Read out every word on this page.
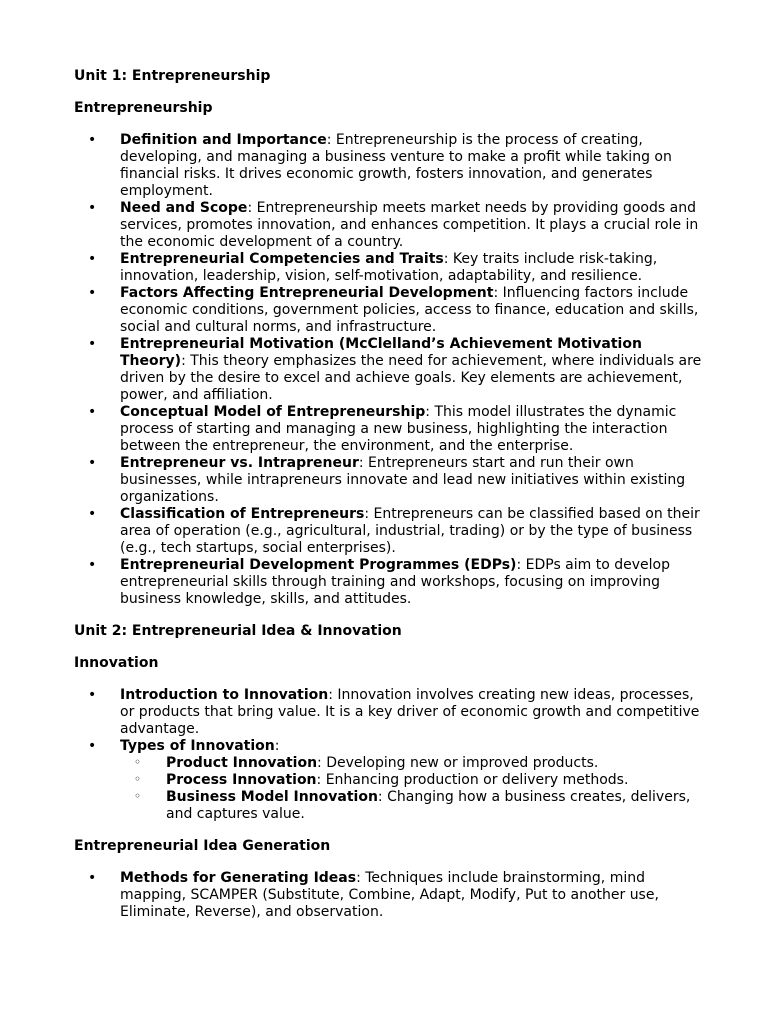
Unit 1: Entrepreneurship
Entrepreneurship
• Definition and Importance: Entrepreneurship is the process of creating, developing, and managing a business venture to make a profit while taking on financial risks. It drives economic growth, fosters innovation, and generates employment.
• Need and Scope: Entrepreneurship meets market needs by providing goods and services, promotes innovation, and enhances competition. It plays a crucial role in the economic development of a country.
• Entrepreneurial Competencies and Traits: Key traits include risk-taking, innovation, leadership, vision, self-motivation, adaptability, and resilience.
• Factors Affecting Entrepreneurial Development: Influencing factors include economic conditions, government policies, access to finance, education and skills, social and cultural norms, and infrastructure.
• Entrepreneurial Motivation (McClelland’s Achievement Motivation Theory): This theory emphasizes the need for achievement, where individuals are driven by the desire to excel and achieve goals. Key elements are achievement, power, and affiliation.
• Conceptual Model of Entrepreneurship: This model illustrates the dynamic process of starting and managing a new business, highlighting the interaction between the entrepreneur, the environment, and the enterprise.
• Entrepreneur vs. Intrapreneur: Entrepreneurs start and run their own businesses, while intrapreneurs innovate and lead new initiatives within existing organizations.
• Classification of Entrepreneurs: Entrepreneurs can be classified based on their area of operation (e.g., agricultural, industrial, trading) or by the type of business (e.g., tech startups, social enterprises).
• Entrepreneurial Development Programmes (EDPs): EDPs aim to develop entrepreneurial skills through training and workshops, focusing on improving business knowledge, skills, and attitudes.
Unit 2: Entrepreneurial Idea & Innovation
Innovation
• Introduction to Innovation: Innovation involves creating new ideas, processes, or products that bring value. It is a key driver of economic growth and competitive advantage.
• Types of Innovation:
◦ Product Innovation: Developing new or improved products.
◦ Process Innovation: Enhancing production or delivery methods.
◦ Business Model Innovation: Changing how a business creates, delivers, and captures value.
Entrepreneurial Idea Generation
• Methods for Generating Ideas: Techniques include brainstorming, mind mapping, SCAMPER (Substitute, Combine, Adapt, Modify, Put to another use, Eliminate, Reverse), and observation.
